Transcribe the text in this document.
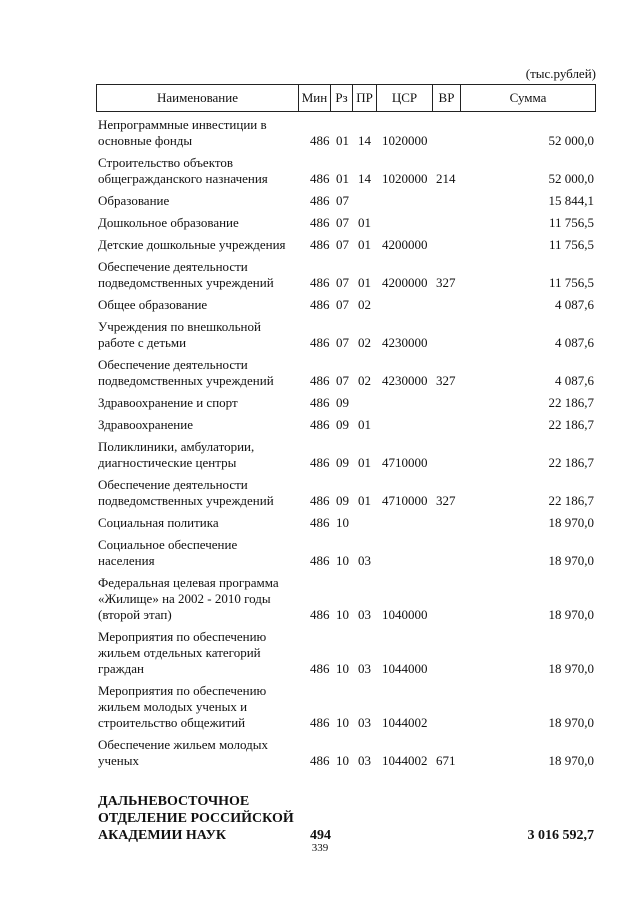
(тыс.рублей)
Наименование	Мин Рз ПР	ЦСР	ВР	Сумма
Непрограммные инвестиции в
основные фонды	486 01 14 1020000	52 000,0
Строительство объектов
общегражданского назначения	486 01 14 1020000 214	52 000,0
Образование	486 07	15 844,1
Дошкольное образование	486 07 01	11 756,5
Детские дошкольные учреждения	486 07 01 4200000	11 756,5
Обеспечение деятельности
подведомственных учреждений	486 07 01 4200000 327	11 756,5
Общее образование	486 07 02	4 087,6
Учреждения по внешкольной
работе с детьми	486 07 02 4230000	4 087,6
Обеспечение деятельности
подведомственных учреждений	486 07 02 4230000 327	4 087,6
Здравоохранение и спорт	486 09	22 186,7
Здравоохранение	486 09 01	22 186,7
Поликлиники, амбулатории,
диагностические центры	486 09 01 4710000	22 186,7
Обеспечение деятельности
подведомственных учреждений	486 09 01 4710000 327	22 186,7
Социальная политика	486 10	18 970,0
Социальное обеспечение
населения	486 10 03	18 970,0
Федеральная целевая программа
«Жилище» на 2002 - 2010 годы
(второй этап)	486 10 03 1040000	18 970,0
Мероприятия по обеспечению
жильем отдельных категорий
граждан	486 10 03 1044000	18 970,0
Мероприятия по обеспечению
жильем молодых ученых и
строительство общежитий	486 10 03 1044002	18 970,0
Обеспечение жильем молодых
ученых	486 10 03 1044002 671	18 970,0
ДАЛЬНЕВОСТОЧНОЕ
ОТДЕЛЕНИЕ РОССИЙСКОЙ
АКАДЕМИИ НАУК	494	3 016 592,7
339
